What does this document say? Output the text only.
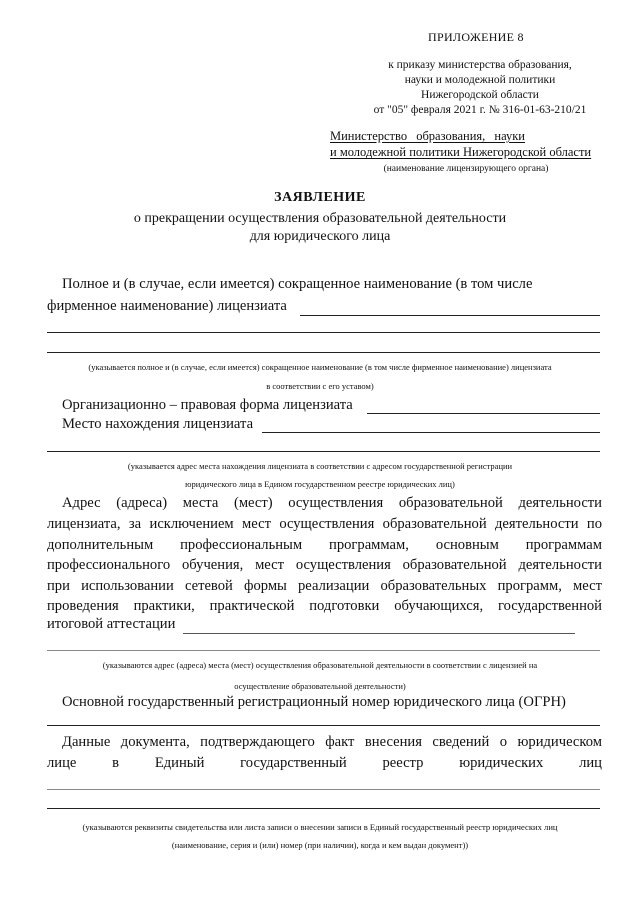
ПРИЛОЖЕНИЕ 8
к приказу министерства образования,
науки и молодежной политики
Нижегородской области
от "05" февраля 2021 г. № 316-01-63-210/21
Министерство образования, науки
и молодежной политики Нижегородской области
(наименование лицензирующего органа)
ЗАЯВЛЕНИЕ
о прекращении осуществления образовательной деятельности
для юридического лица
Полное и (в случае, если имеется) сокращенное наименование (в том числе
фирменное наименование) лицензиата
(указывается полное и (в случае, если имеется) сокращенное наименование (в том числе фирменное наименование) лицензиата
в соответствии с его уставом)
Организационно – правовая форма лицензиата
Место нахождения лицензиата
(указывается адрес места нахождения лицензиата в соответствии с адресом государственной регистрации
юридического лица в Едином государственном реестре юридических лиц)
Адрес (адреса) места (мест) осуществления образовательной деятельности
лицензиата, за исключением мест осуществления образовательной деятельности по
дополнительным профессиональным программам, основным программам
профессионального обучения, мест осуществления образовательной деятельности
при использовании сетевой формы реализации образовательных программ, мест
проведения практики, практической подготовки обучающихся, государственной
итоговой аттестации
(указываются адрес (адреса) места (мест) осуществления образовательной деятельности в соответствии с лицензией на
осуществление образовательной деятельности)
Основной государственный регистрационный номер юридического лица (ОГРН)
Данные документа, подтверждающего факт внесения сведений о юридическом
лице в Единый государственный реестр юридических лиц
(указываются реквизиты свидетельства или листа записи о внесении записи в Единый государственный реестр юридических лиц
(наименование, серия и (или) номер (при наличии), когда и кем выдан документ))
